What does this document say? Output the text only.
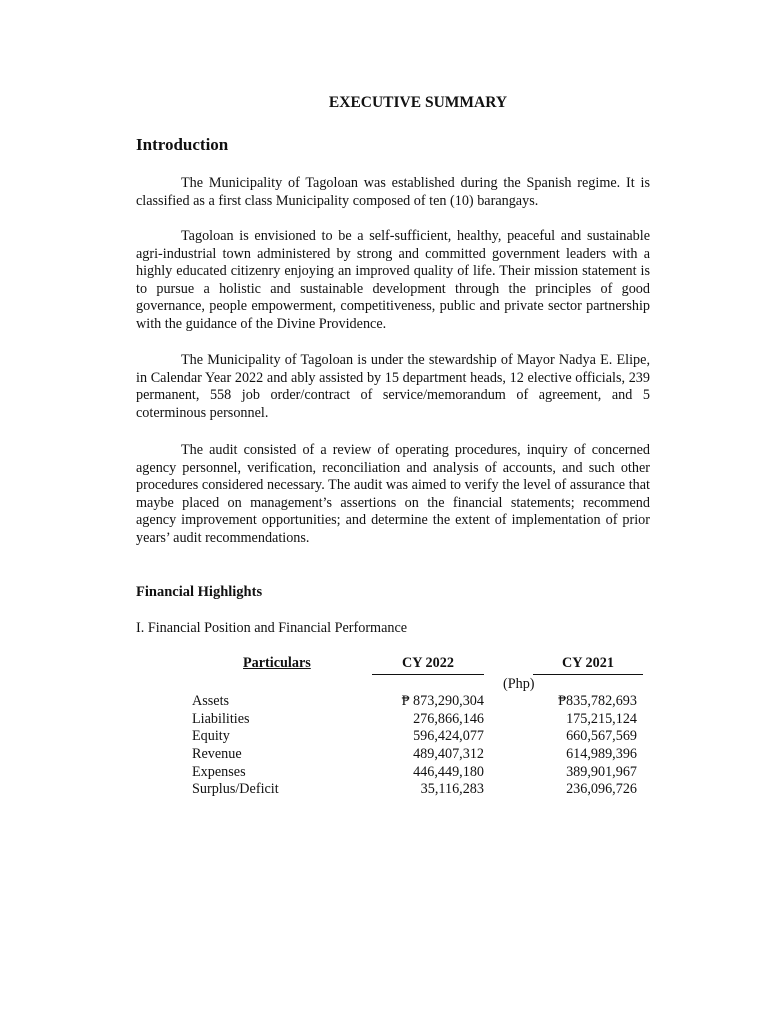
EXECUTIVE SUMMARY
Introduction

The Municipality of Tagoloan was established during the Spanish regime. It is classified as a first class Municipality composed of ten (10) barangays.

Tagoloan is envisioned to be a self-sufficient, healthy, peaceful and sustainable agri-industrial town administered by strong and committed government leaders with a highly educated citizenry enjoying an improved quality of life. Their mission statement is to pursue a holistic and sustainable development through the principles of good governance, people empowerment, competitiveness, public and private sector partnership with the guidance of the Divine Providence.

The Municipality of Tagoloan is under the stewardship of Mayor Nadya E. Elipe, in Calendar Year 2022 and ably assisted by 15 department heads, 12 elective officials, 239 permanent, 558 job order/contract of service/memorandum of agreement, and 5 coterminous personnel.

The audit consisted of a review of operating procedures, inquiry of concerned agency personnel, verification, reconciliation and analysis of accounts, and such other procedures considered necessary. The audit was aimed to verify the level of assurance that maybe placed on management’s assertions on the financial statements; recommend agency improvement opportunities; and determine the extent of implementation of prior years’ audit recommendations.

Financial Highlights

I. Financial Position and Financial Performance

Particulars	CY 2022	CY 2021
(Php)
Assets	₱ 873,290,304	₱835,782,693
Liabilities	276,866,146	175,215,124
Equity	596,424,077	660,567,569
Revenue	489,407,312	614,989,396
Expenses	446,449,180	389,901,967
Surplus/Deficit	35,116,283	236,096,726
